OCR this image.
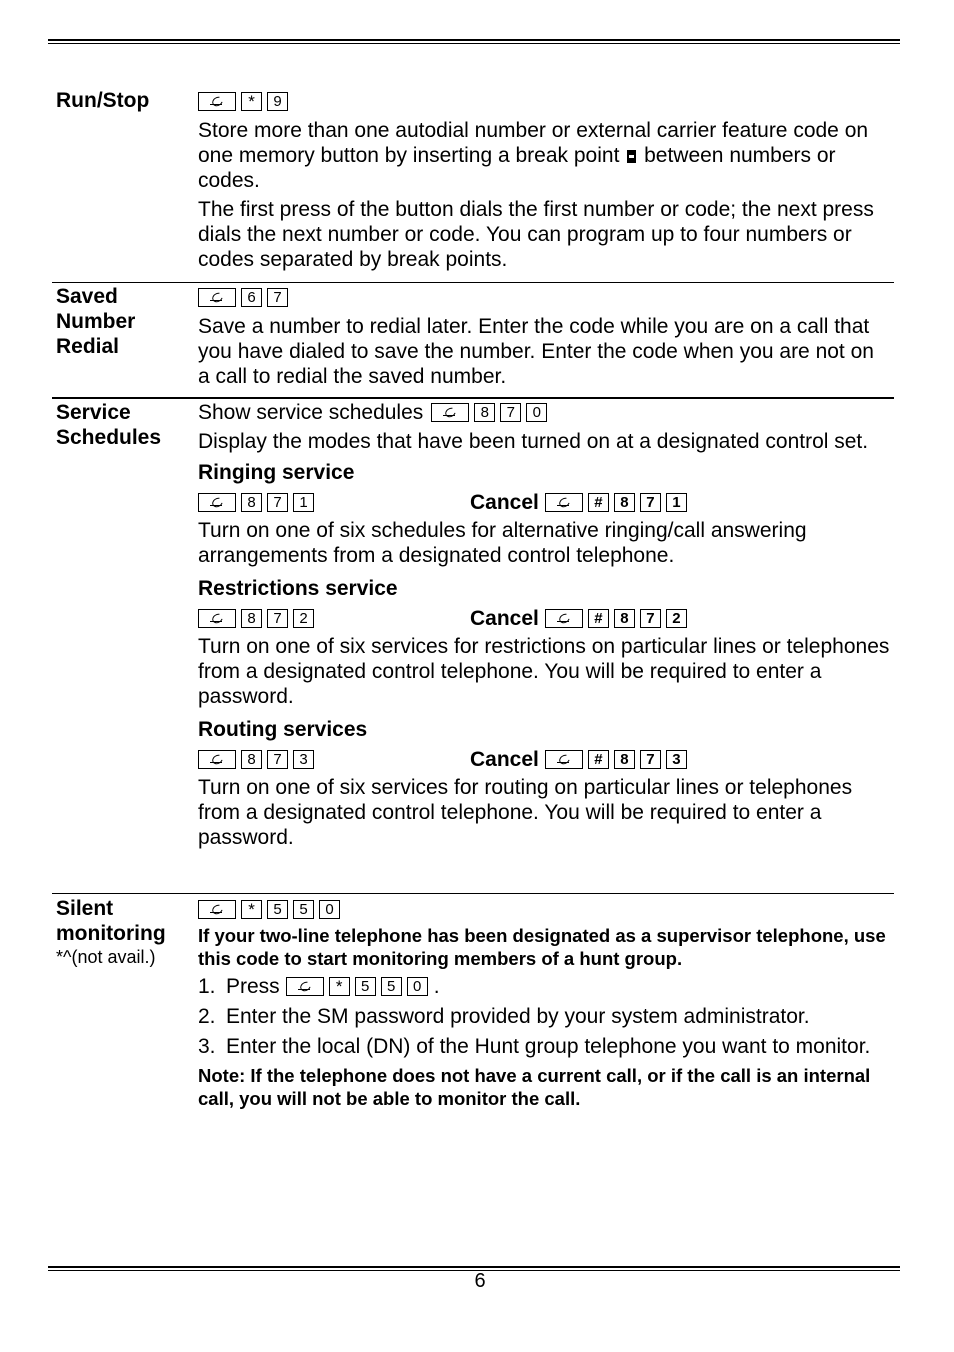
Run/Stop	*	9

Store more than one autodial number or external carrier feature code on one memory button by inserting a break point between numbers or codes.

The first press of the button dials the first number or code; the next press dials the next number or code. You can program up to four numbers or codes separated by break points.

Saved
Number
Redial
6	7

Save a number to redial later. Enter the code while you are on a call that you have dialed to save the number. Enter the code when you are not on a call to redial the saved number.

Service
Schedules
Show service schedules	8	7	0

Display the modes that have been turned on at a designated control set.

Ringing service
8	7	1	Cancel	#	8	7	1

Turn on one of six schedules for alternative ringing/call answering arrangements from a designated control telephone.

Restrictions service
8	7	2	Cancel	#	8	7	2

Turn on one of six services for restrictions on particular lines or telephones from a designated control telephone. You will be required to enter a password.

Routing services
8	7	3	Cancel	#	8	7	3

Turn on one of six services for routing on particular lines or telephones from a designated control telephone. You will be required to enter a password.

Silent
monitoring
*^(not avail.)
*	5	5	0

If your two-line telephone has been designated as a supervisor telephone, use this code to start monitoring members of a hunt group.

1. Press	*	5	5	0 .
2. Enter the SM password provided by your system administrator.
3. Enter the local (DN) of the Hunt group telephone you want to monitor.

Note: If the telephone does not have a current call, or if the call is an internal call, you will not be able to monitor the call.

6
